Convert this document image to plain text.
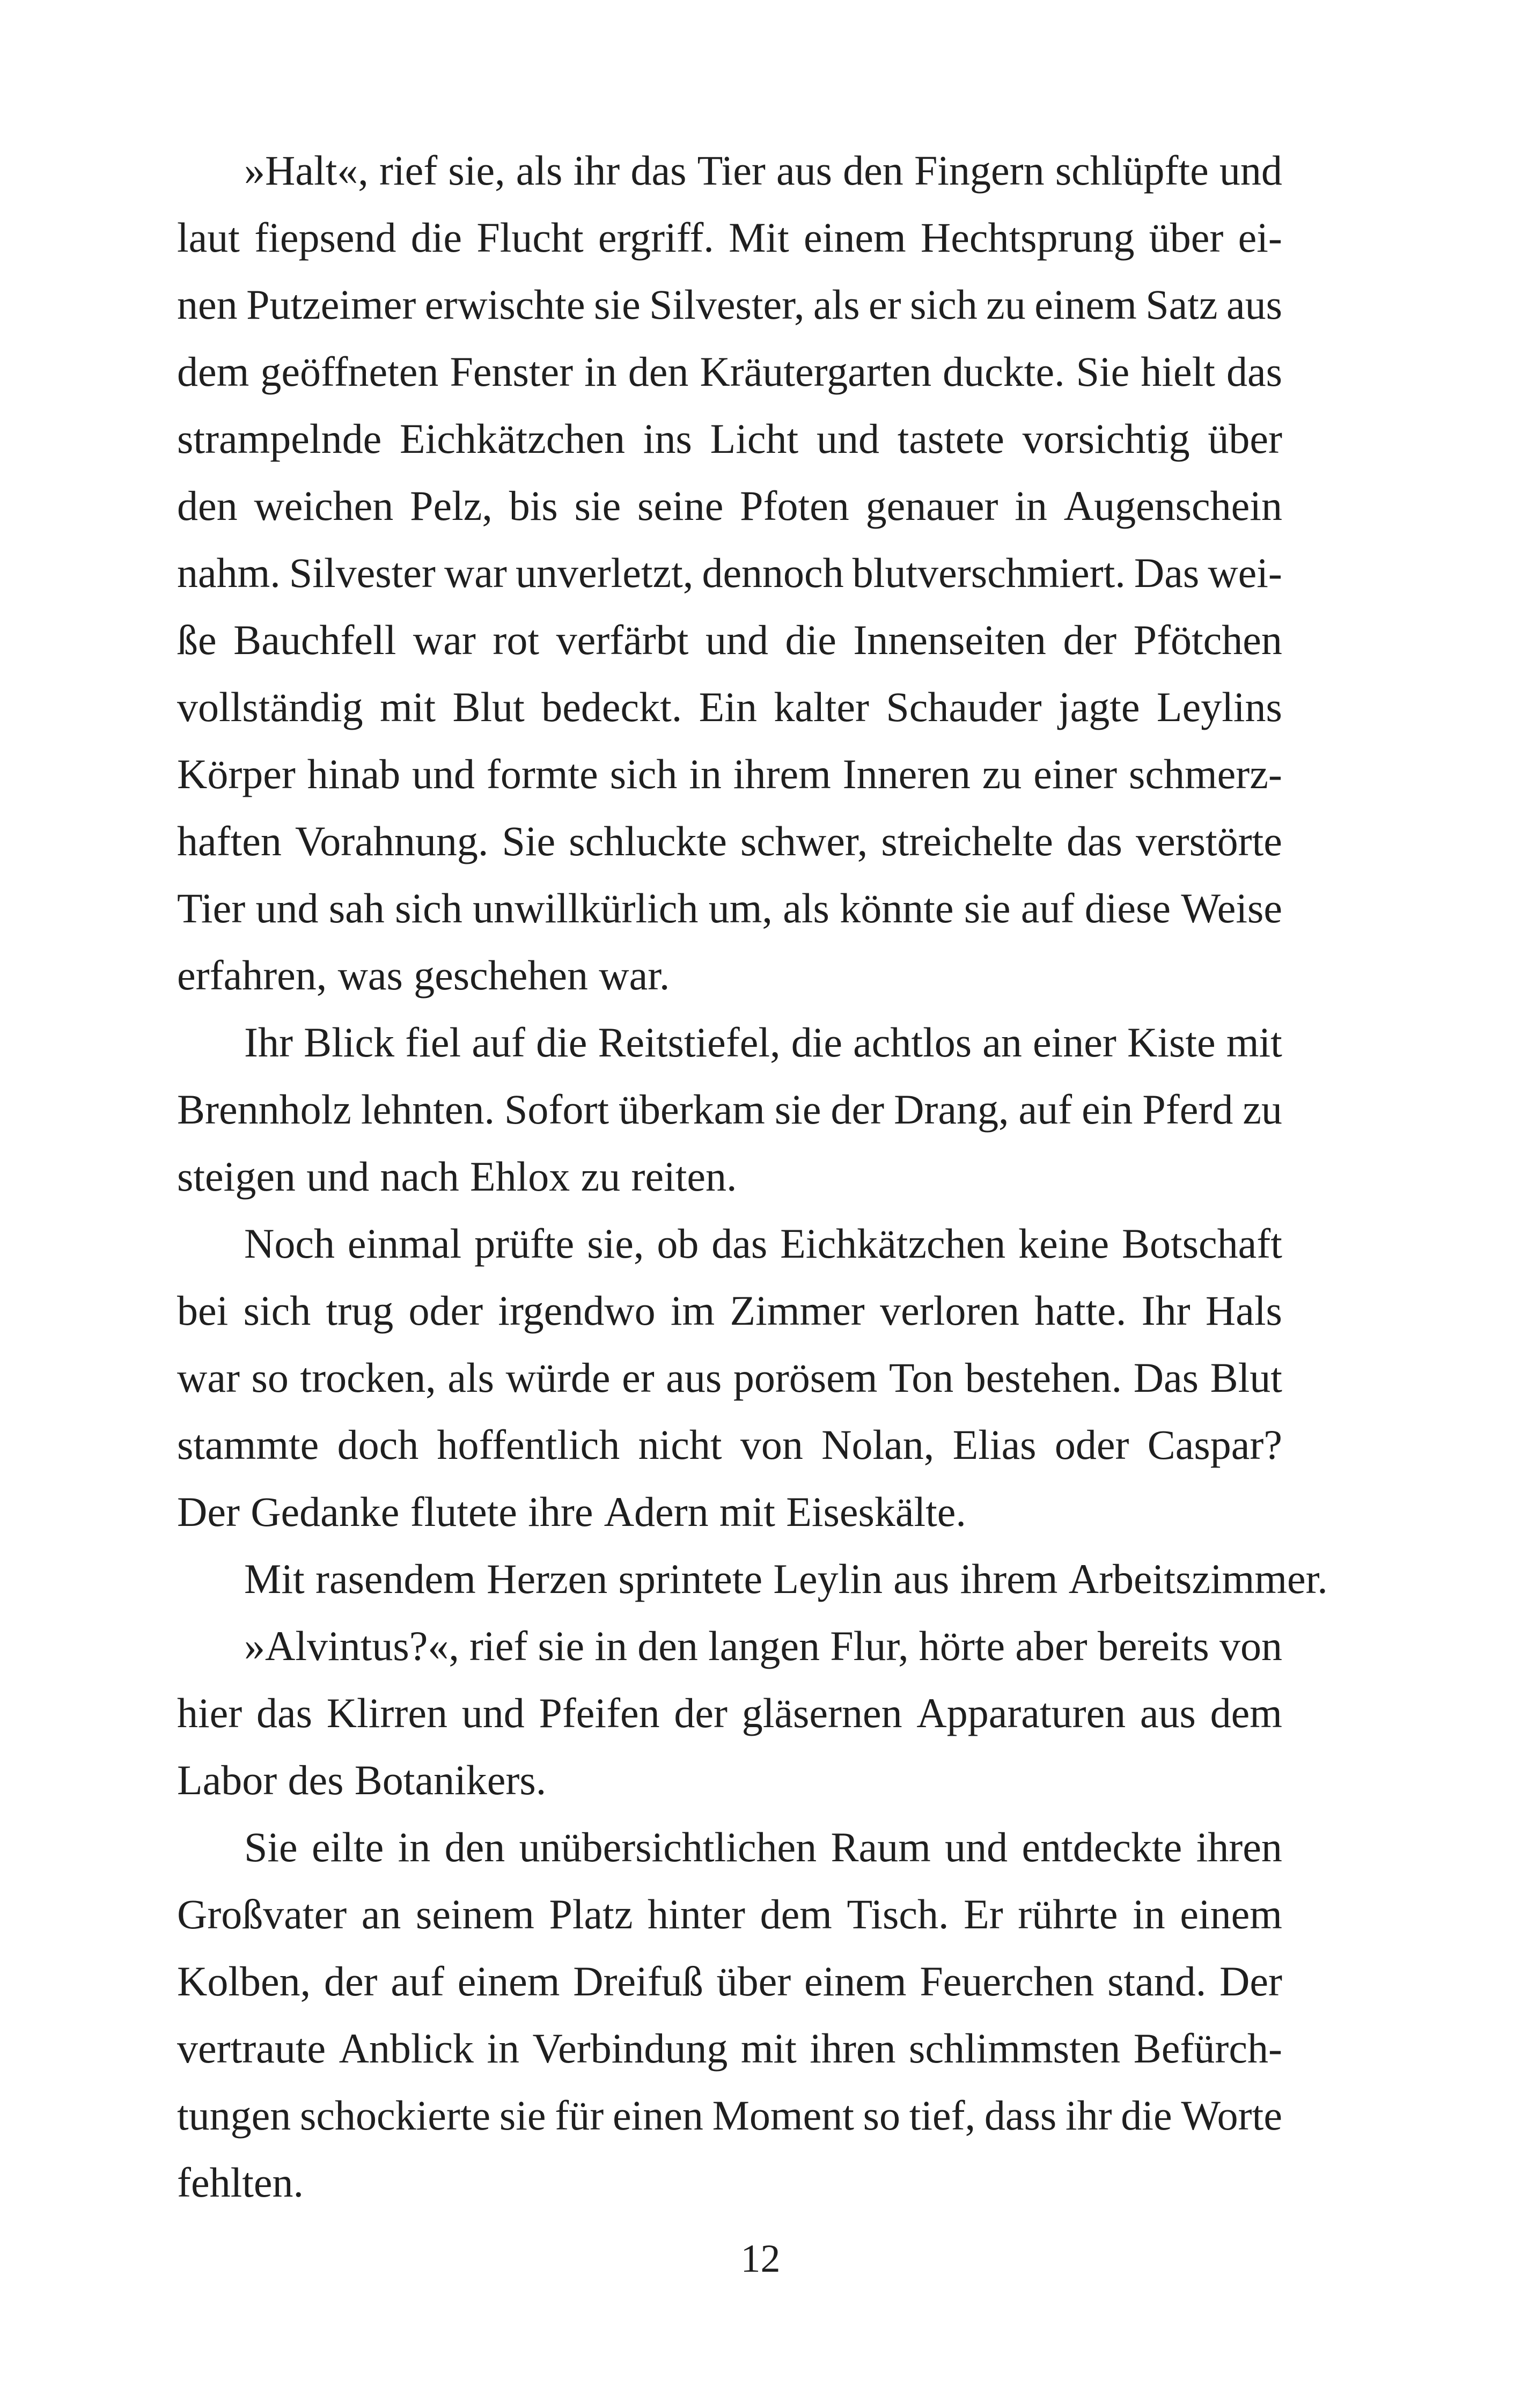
»Halt«, rief sie, als ihr das Tier aus den Fingern schlüpfte und
laut fiepsend die Flucht ergriff. Mit einem Hechtsprung über ei-
nen Putzeimer erwischte sie Silvester, als er sich zu einem Satz aus
dem geöffneten Fenster in den Kräutergarten duckte. Sie hielt das
strampelnde Eichkätzchen ins Licht und tastete vorsichtig über
den weichen Pelz, bis sie seine Pfoten genauer in Augenschein
nahm. Silvester war unverletzt, dennoch blutverschmiert. Das wei-
ße Bauchfell war rot verfärbt und die Innenseiten der Pfötchen
vollständig mit Blut bedeckt. Ein kalter Schauder jagte Leylins
Körper hinab und formte sich in ihrem Inneren zu einer schmerz-
haften Vorahnung. Sie schluckte schwer, streichelte das verstörte
Tier und sah sich unwillkürlich um, als könnte sie auf diese Weise
erfahren, was geschehen war.
Ihr Blick fiel auf die Reitstiefel, die achtlos an einer Kiste mit
Brennholz lehnten. Sofort überkam sie der Drang, auf ein Pferd zu
steigen und nach Ehlox zu reiten.
Noch einmal prüfte sie, ob das Eichkätzchen keine Botschaft
bei sich trug oder irgendwo im Zimmer verloren hatte. Ihr Hals
war so trocken, als würde er aus porösem Ton bestehen. Das Blut
stammte doch hoffentlich nicht von Nolan, Elias oder Caspar?
Der Gedanke flutete ihre Adern mit Eiseskälte.
Mit rasendem Herzen sprintete Leylin aus ihrem Arbeitszimmer.
»Alvintus?«, rief sie in den langen Flur, hörte aber bereits von
hier das Klirren und Pfeifen der gläsernen Apparaturen aus dem
Labor des Botanikers.
Sie eilte in den unübersichtlichen Raum und entdeckte ihren
Großvater an seinem Platz hinter dem Tisch. Er rührte in einem
Kolben, der auf einem Dreifuß über einem Feuerchen stand. Der
vertraute Anblick in Verbindung mit ihren schlimmsten Befürch-
tungen schockierte sie für einen Moment so tief, dass ihr die Worte
fehlten.
12
